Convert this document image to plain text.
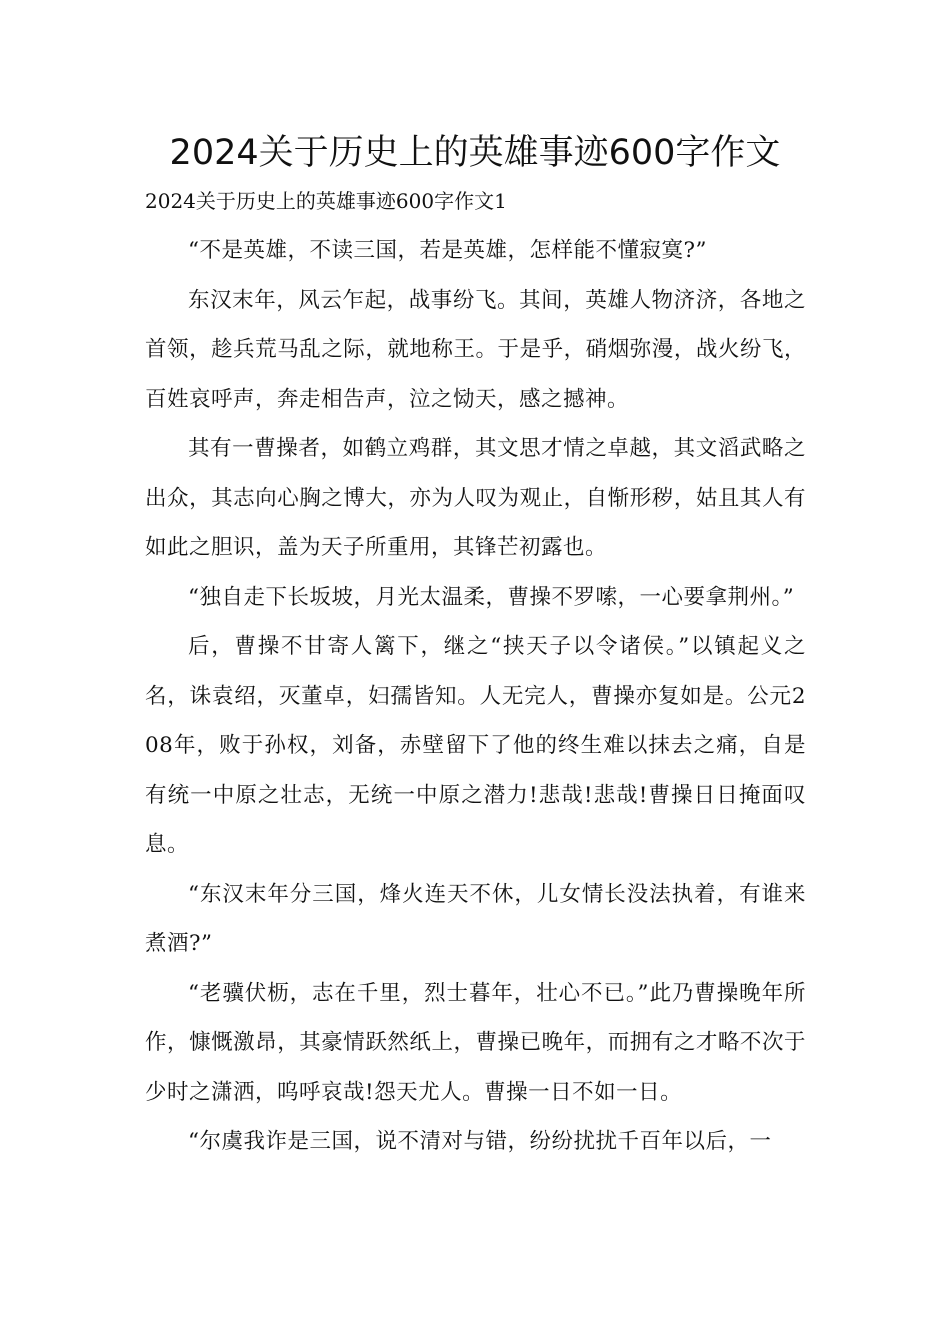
2024关于历史上的英雄事迹600字作文

2024关于历史上的英雄事迹600字作文1

“不是英雄，不读三国，若是英雄，怎样能不懂寂寞?”

东汉末年，风云乍起，战事纷飞。其间，英雄人物济济，各地之首领，趁兵荒马乱之际，就地称王。于是乎，硝烟弥漫，战火纷飞，百姓哀呼声，奔走相告声，泣之恸天，感之撼神。

其有一曹操者，如鹤立鸡群，其文思才情之卓越，其文滔武略之出众，其志向心胸之博大，亦为人叹为观止，自惭形秽，姑且其人有如此之胆识，盖为天子所重用，其锋芒初露也。

“独自走下长坂坡，月光太温柔，曹操不罗嗦，一心要拿荆州。”

后，曹操不甘寄人篱下，继之“挟天子以令诸侯。”以镇起义之名，诛袁绍，灭董卓，妇孺皆知。人无完人，曹操亦复如是。公元208年，败于孙权，刘备，赤壁留下了他的终生难以抹去之痛，自是有统一中原之壮志，无统一中原之潜力!悲哉!悲哉!曹操日日掩面叹息。

“东汉末年分三国，烽火连天不休，儿女情长没法执着，有谁来煮酒?”

“老骥伏枥，志在千里，烈士暮年，壮心不已。”此乃曹操晚年所作，慷慨激昂，其豪情跃然纸上，曹操已晚年，而拥有之才略不次于少时之潇洒，呜呼哀哉!怨天尤人。曹操一日不如一日。

“尔虞我诈是三国，说不清对与错，纷纷扰扰千百年以后，一
